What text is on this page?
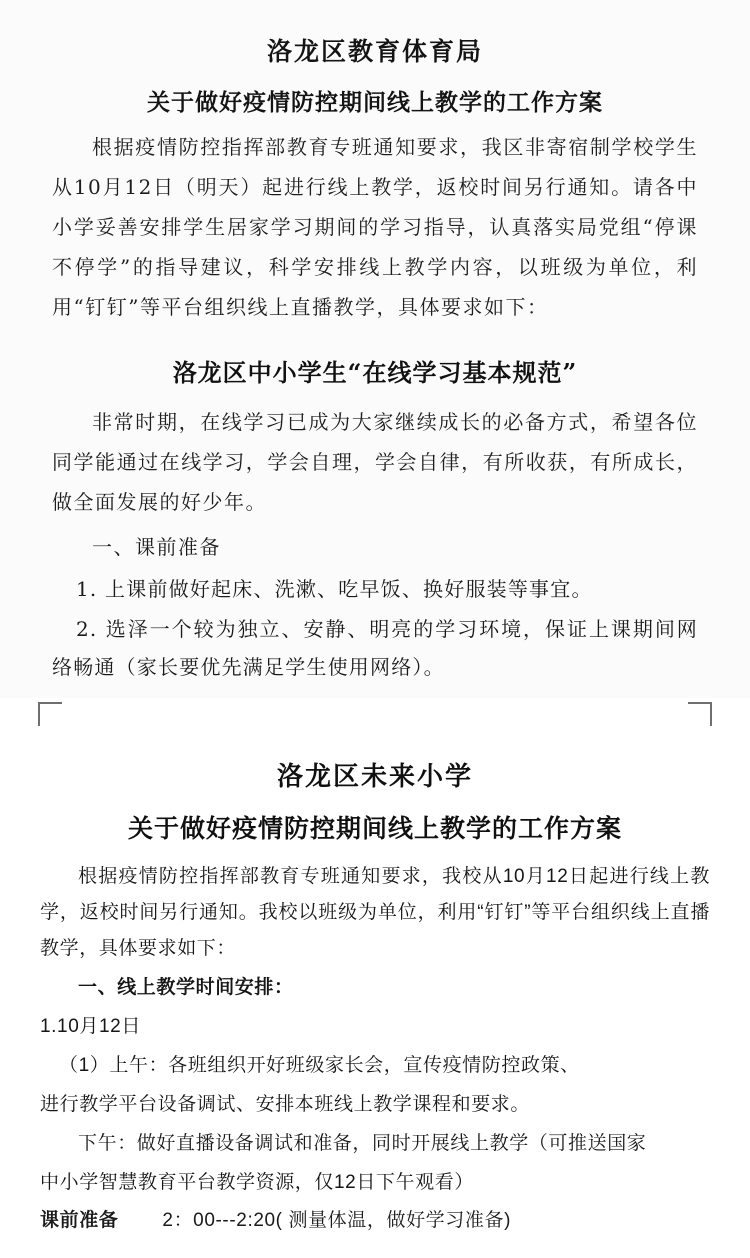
洛龙区教育体育局
关于做好疫情防控期间线上教学的工作方案

根据疫情防控指挥部教育专班通知要求，我区非寄宿制学校学生从10月12日（明天）起进行线上教学，返校时间另行通知。请各中小学妥善安排学生居家学习期间的学习指导，认真落实局党组“停课不停学”的指导建议，科学安排线上教学内容，以班级为单位，利用“钉钉”等平台组织线上直播教学，具体要求如下：

洛龙区中小学生“在线学习基本规范”

非常时期，在线学习已成为大家继续成长的必备方式，希望各位同学能通过在线学习，学会自理，学会自律，有所收获，有所成长，做全面发展的好少年。

一、课前准备

1. 上课前做好起床、洗漱、吃早饭、换好服装等事宜。

2. 选泽一个较为独立、安静、明亮的学习环境，保证上课期间网络畅通（家长要优先满足学生使用网络）。

洛龙区未来小学
关于做好疫情防控期间线上教学的工作方案

根据疫情防控指挥部教育专班通知要求，我校从10月12日起进行线上教学，返校时间另行通知。我校以班级为单位，利用“钉钉”等平台组织线上直播教学，具体要求如下：

一、线上教学时间安排：

1.10月12日

（1）上午：各班组织开好班级家长会，宣传疫情防控政策、

进行教学平台设备调试、安排本班线上教学课程和要求。

下午：做好直播设备调试和准备，同时开展线上教学（可推送国家

中小学智慧教育平台教学资源，仅12日下午观看）

课前准备 2：00---2:20( 测量体温，做好学习准备)
